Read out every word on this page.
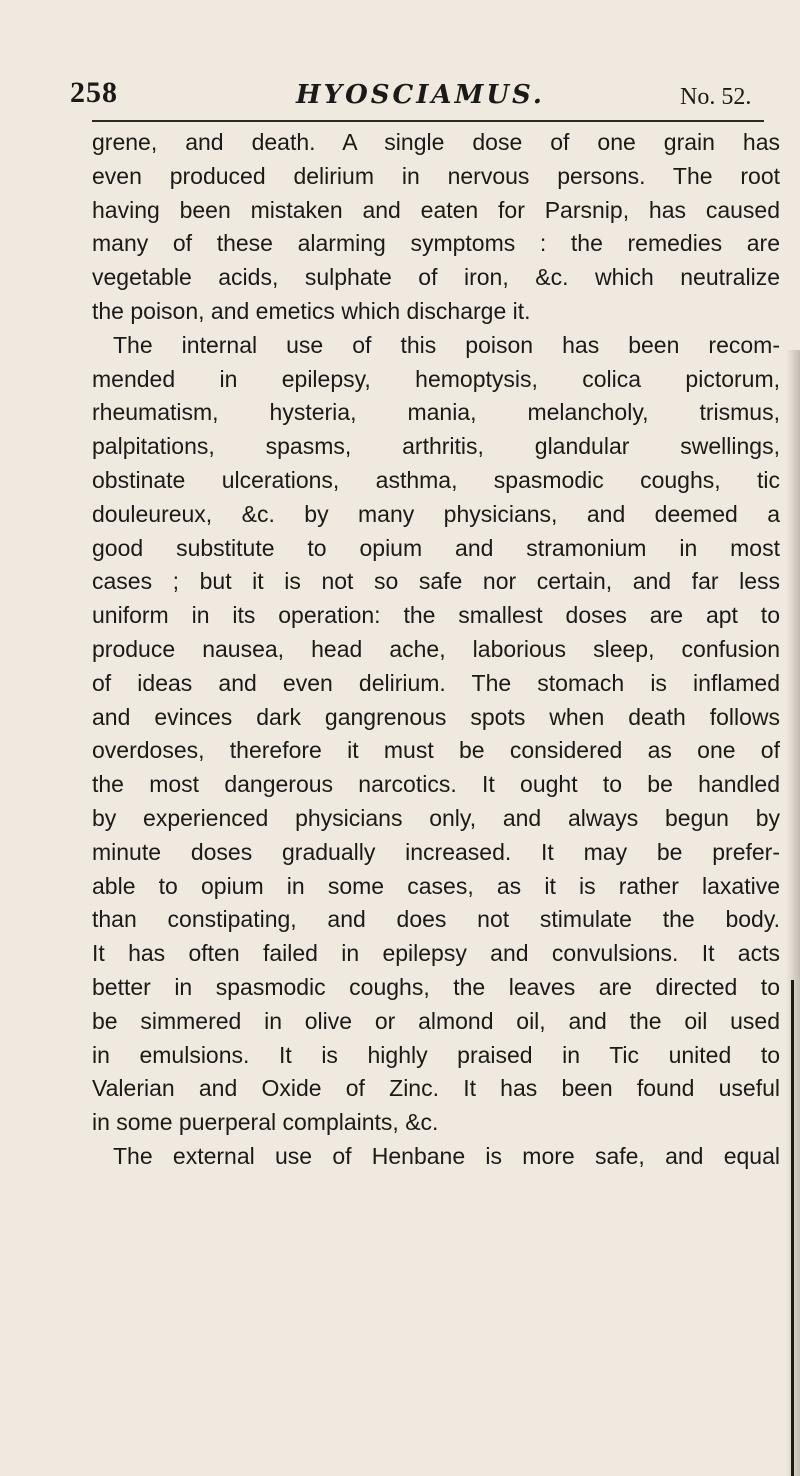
258	HYOSCIAMUS.	No. 52.
grene, and death. A single dose of one grain has
even produced delirium in nervous persons. The root
having been mistaken and eaten for Parsnip, has caused
many of these alarming symptoms : the remedies are
vegetable acids, sulphate of iron, &c. which neutralize
the poison, and emetics which discharge it.
The internal use of this poison has been recom-
mended in epilepsy, hemoptysis, colica pictorum,
rheumatism, hysteria, mania, melancholy, trismus,
palpitations, spasms, arthritis, glandular swellings,
obstinate ulcerations, asthma, spasmodic coughs, tic
douleureux, &c. by many physicians, and deemed a
good substitute to opium and stramonium in most
cases ; but it is not so safe nor certain, and far less
uniform in its operation: the smallest doses are apt to
produce nausea, head ache, laborious sleep, confusion
of ideas and even delirium. The stomach is inflamed
and evinces dark gangrenous spots when death follows
overdoses, therefore it must be considered as one of
the most dangerous narcotics. It ought to be handled
by experienced physicians only, and always begun by
minute doses gradually increased. It may be prefer-
able to opium in some cases, as it is rather laxative
than constipating, and does not stimulate the body.
It has often failed in epilepsy and convulsions. It acts
better in spasmodic coughs, the leaves are directed to
be simmered in olive or almond oil, and the oil used
in emulsions. It is highly praised in Tic united to
Valerian and Oxide of Zinc. It has been found useful
in some puerperal complaints, &c.
The external use of Henbane is more safe, and equal
